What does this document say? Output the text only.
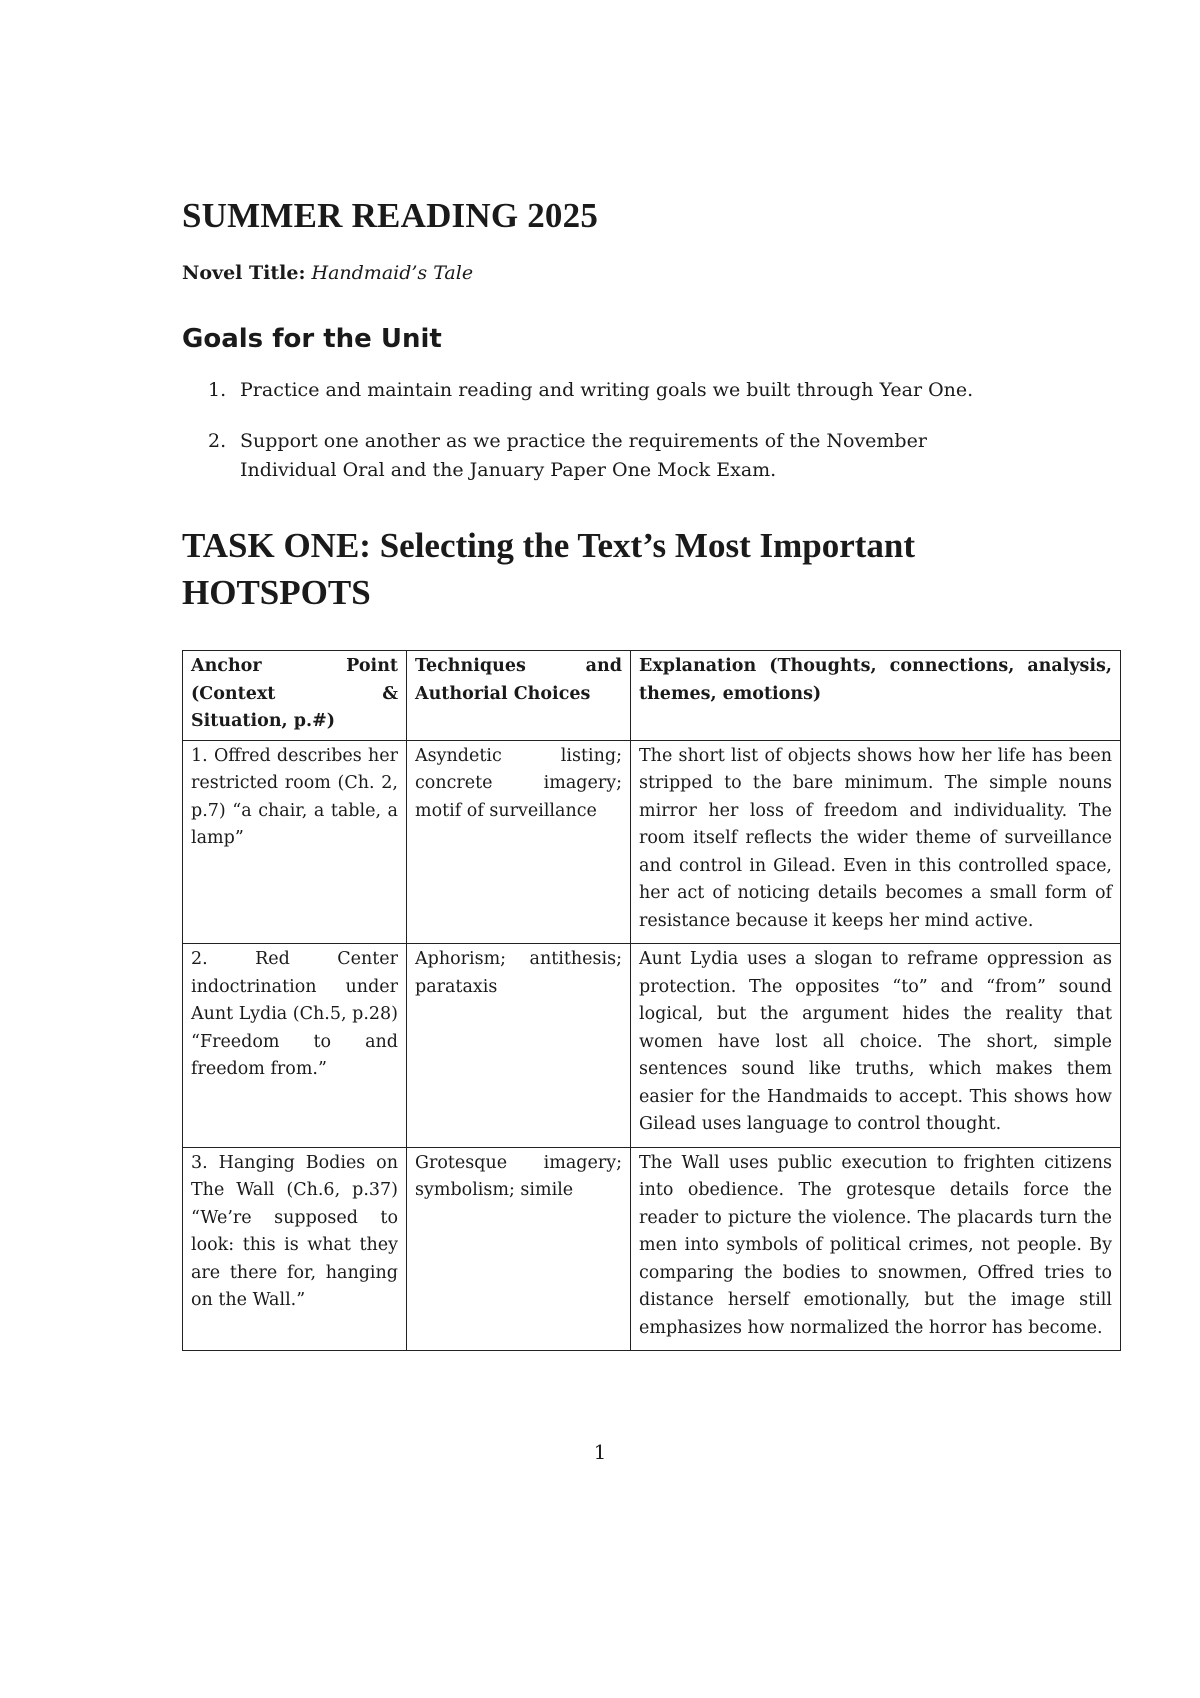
SUMMER READING 2025
Novel Title: Handmaid’s Tale
Goals for the Unit
1. Practice and maintain reading and writing goals we built through Year One.
2. Support one another as we practice the requirements of the November Individual Oral and the January Paper One Mock Exam.
TASK ONE: Selecting the Text’s Most Important HOTSPOTS
Anchor Point (Context & Situation, p.#)	Techniques and Authorial Choices	Explanation (Thoughts, connections, analysis, themes, emotions)
1. Offred describes her restricted room (Ch. 2, p.7) “a chair, a table, a lamp”	Asyndetic listing; concrete imagery; motif of surveillance	The short list of objects shows how her life has been stripped to the bare minimum. The simple nouns mirror her loss of freedom and individuality. The room itself reflects the wider theme of surveillance and control in Gilead. Even in this controlled space, her act of noticing details becomes a small form of resistance because it keeps her mind active.
2. Red Center indoctrination under Aunt Lydia (Ch.5, p.28) “Freedom to and freedom from.”	Aphorism; antithesis; parataxis	Aunt Lydia uses a slogan to reframe oppression as protection. The opposites “to” and “from” sound logical, but the argument hides the reality that women have lost all choice. The short, simple sentences sound like truths, which makes them easier for the Handmaids to accept. This shows how Gilead uses language to control thought.
3. Hanging Bodies on The Wall (Ch.6, p.37) “We’re supposed to look: this is what they are there for, hanging on the Wall.”	Grotesque imagery; symbolism; simile	The Wall uses public execution to frighten citizens into obedience. The grotesque details force the reader to picture the violence. The placards turn the men into symbols of political crimes, not people. By comparing the bodies to snowmen, Offred tries to distance herself emotionally, but the image still emphasizes how normalized the horror has become.
1
